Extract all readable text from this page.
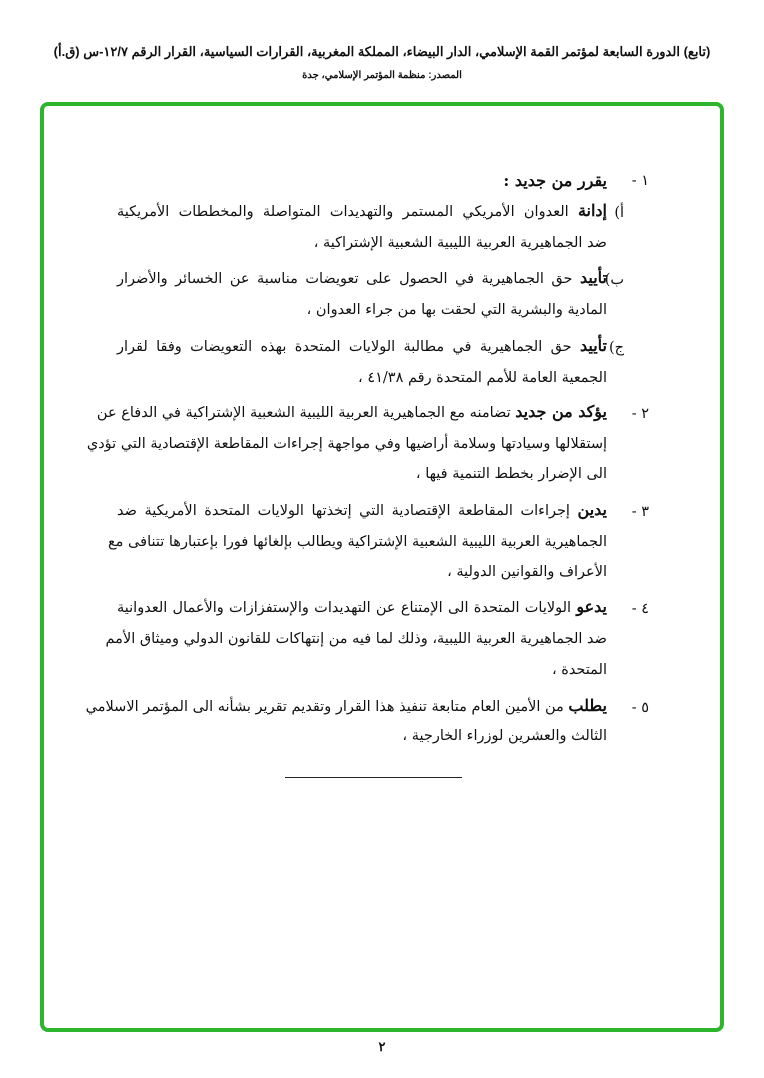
(تابع) الدورة السابعة لمؤتمر القمة الإسلامي، الدار البيضاء، المملكة المغربية، القرارات السياسية، القرار الرقم ١٢/٧-س (ق.أ)
المصدر: منظمة المؤتمر الإسلامي، جدة
١ -
يقرر من جديد :
أ)
إدانة العدوان الأمريكي المستمر والتهديدات المتواصلة والمخططات الأمريكية
ضد الجماهيرية العربية الليبية الشعبية الإشتراكية ،
ب)
تأييد حق الجماهيرية في الحصول على تعويضات مناسبة عن الخسائر والأضرار
المادية والبشرية التي لحقت بها من جراء العدوان ،
ج)
تأييد حق الجماهيرية في مطالبة الولايات المتحدة بهذه التعويضات وفقا لقرار
الجمعية العامة للأمم المتحدة رقم ٤١/٣٨ ،
٢ -
يؤكد من جديد تضامنه مع الجماهيرية العربية الليبية الشعبية الإشتراكية في الدفاع عن
إستقلالها وسيادتها وسلامة أراضيها وفي مواجهة إجراءات المقاطعة الإقتصادية التي تؤدي
الى الإضرار بخطط التنمية فيها ،
٣ -
يدين إجراءات المقاطعة الإقتصادية التي إتخذتها الولايات المتحدة الأمريكية ضد
الجماهيرية العربية الليبية الشعبية الإشتراكية ويطالب بإلغائها فورا بإعتبارها تتنافى مع
الأعراف والقوانين الدولية ،
٤ -
يدعو الولايات المتحدة الى الإمتناع عن التهديدات والإستفزازات والأعمال العدوانية
ضد الجماهيرية العربية الليبية، وذلك لما فيه من إنتهاكات للقانون الدولي وميثاق الأمم
المتحدة ،
٥ -
يطلب من الأمين العام متابعة تنفيذ هذا القرار وتقديم تقرير بشأنه الى المؤتمر الاسلامي
الثالث والعشرين لوزراء الخارجية ،
٢
